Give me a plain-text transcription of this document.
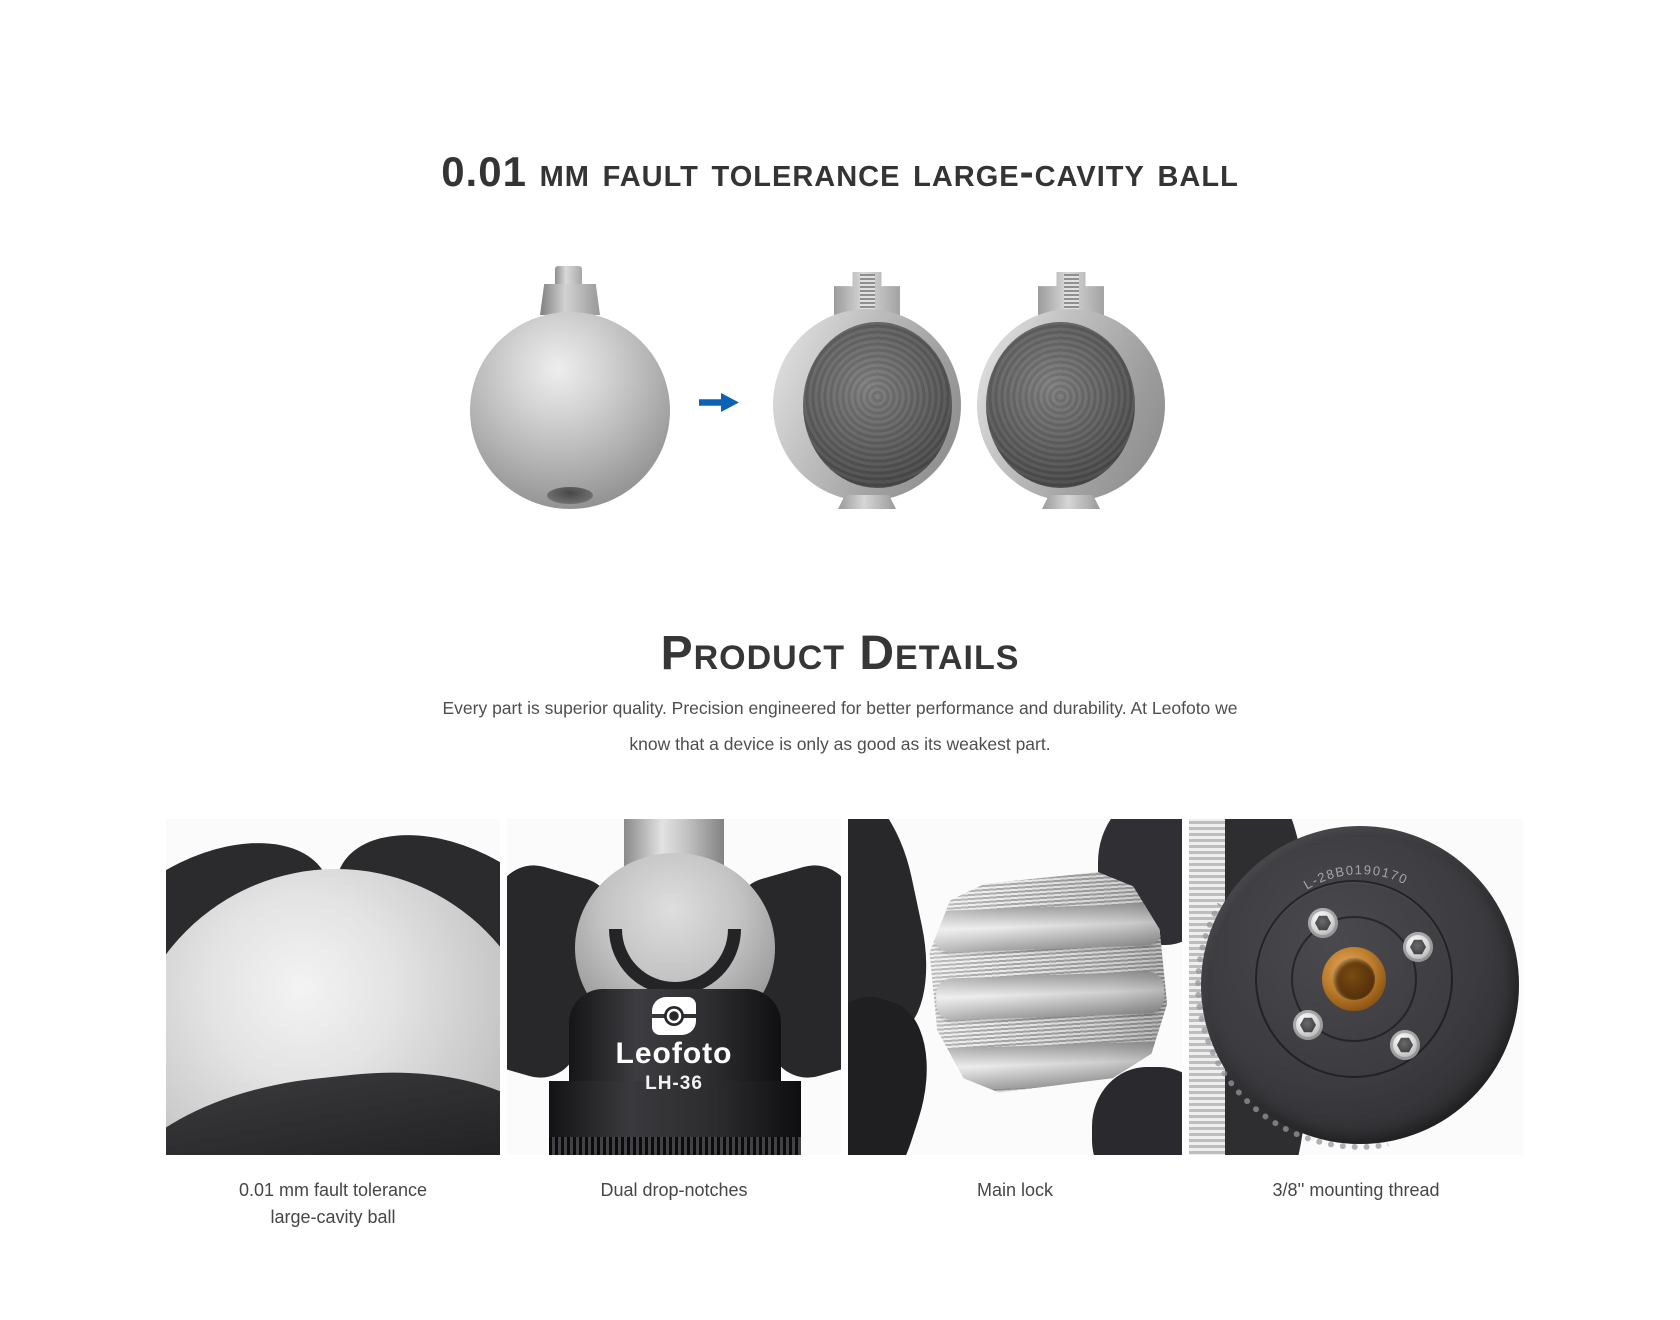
0.01 mm fault tolerance large-cavity ball
Product Details
Every part is superior quality. Precision engineered for better performance and durability. At Leofoto we
know that a device is only as good as its weakest part.
0.01 mm fault tolerance large-cavity ball
Leofoto
LH-36
Dual drop-notches	Main lock
L-28B0190170
3/8'' mounting thread
